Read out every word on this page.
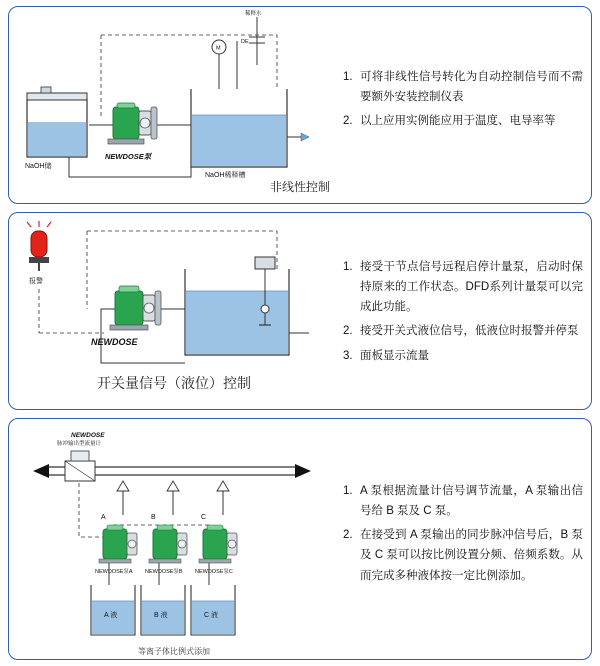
稀释水
M
DE
NaOH稀释槽
NaOH储
NEWDOSE泵
非线性控制
1. 可将非线性信号转化为自动控制信号而不需要额外安装控制仪表
2. 以上应用实例能应用于温度、电导率等
报警
NEWDOSE
开关量信号（液位）控制
1. 接受干节点信号远程启停计量泵，启动时保持原来的工作状态。DFD系列计量泵可以完成此功能。
2. 接受开关式液位信号，低液位时报警并停泵
3. 面板显示流量
NEWDOSE
脉冲输出型流量计
A	B	C
NEWDOSE泵A NEWDOSE泵B NEWDOSE泵C
A 液	B 液	C 液
等离子体比例式添加
1. A 泵根据流量计信号调节流量，A 泵输出信号给 B 泵及 C 泵。
2. 在接受到 A 泵输出的同步脉冲信号后，B 泵及 C 泵可以按比例设置分频、倍频系数。从而完成多种液体按一定比例添加。
